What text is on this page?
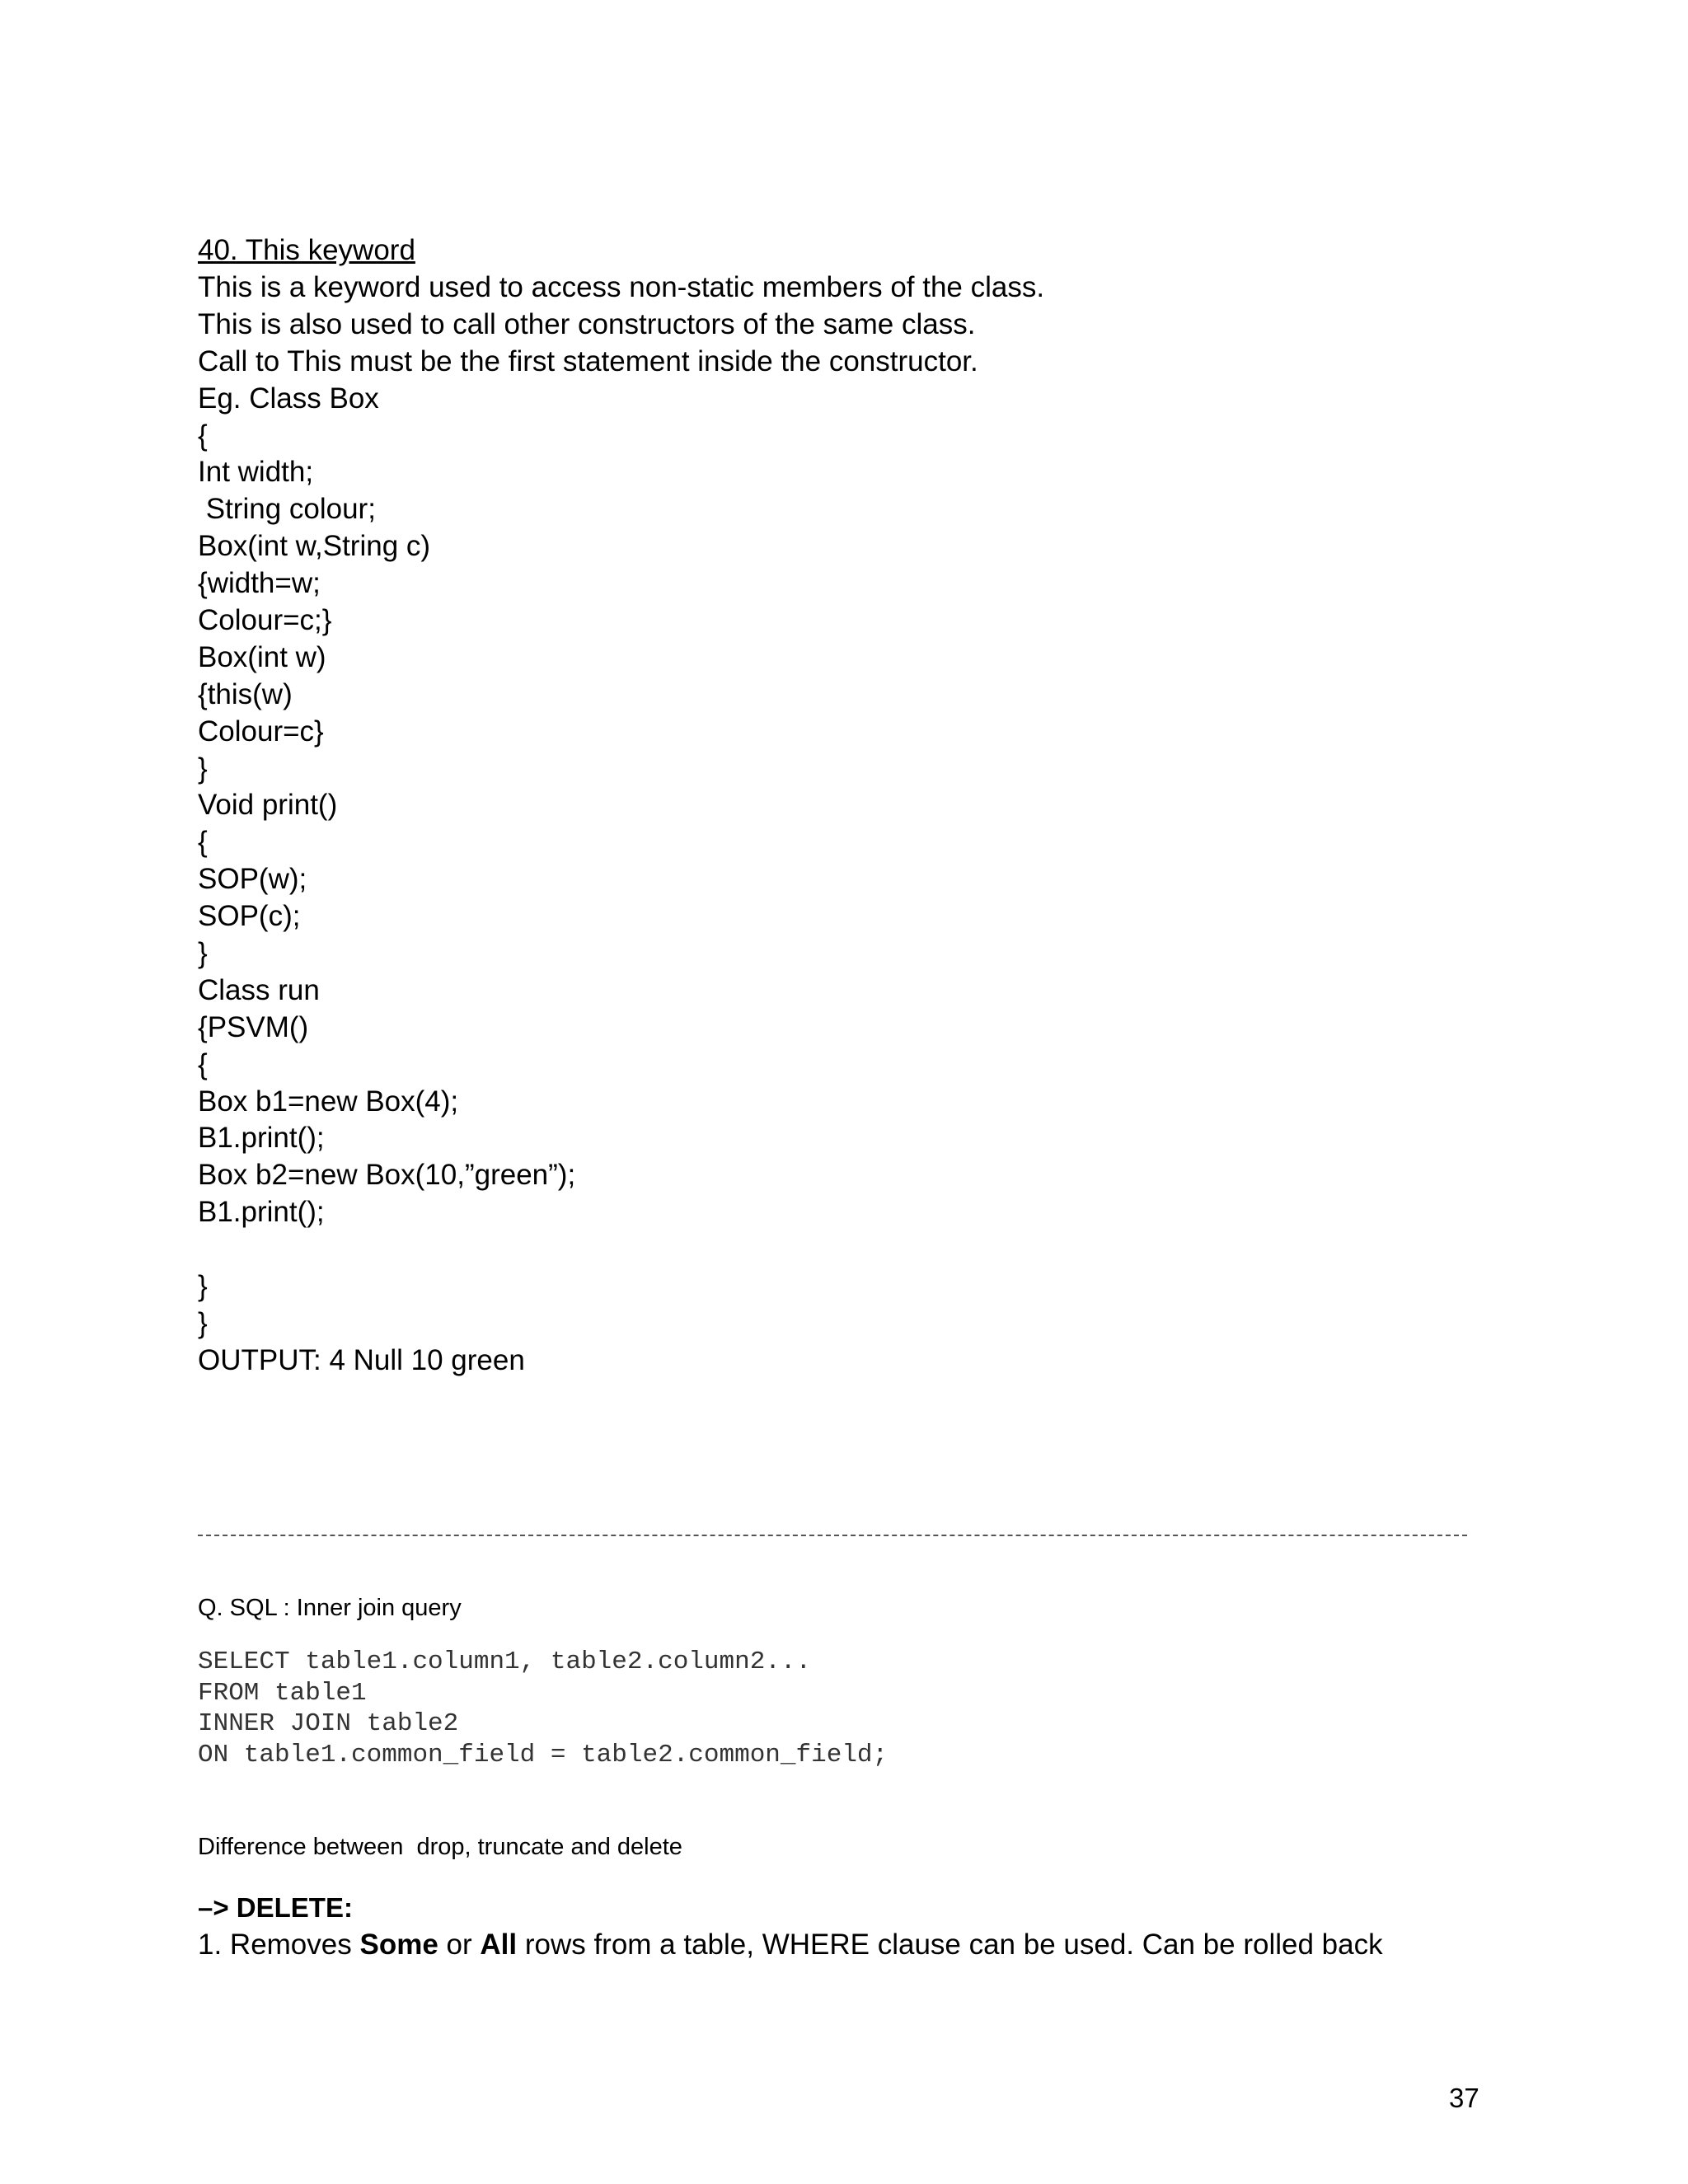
40. This keyword
This is a keyword used to access non-static members of the class.
This is also used to call other constructors of the same class.
Call to This must be the first statement inside the constructor.
Eg. Class Box
{
Int width;
String colour;
Box(int w,String c)
{width=w;
Colour=c;}
Box(int w)
{this(w)
Colour=c}
}
Void print()
{
SOP(w);
SOP(c);
}
Class run
{PSVM()
{
Box b1=new Box(4);
B1.print();
Box b2=new Box(10,”green”);
B1.print();
}
}
OUTPUT: 4 Null 10 green
Q. SQL : Inner join query
SELECT table1.column1, table2.column2...
FROM table1
INNER JOIN table2
ON table1.common_field = table2.common_field;
Difference between  drop, truncate and delete
–> DELETE:
1. Removes Some or All rows from a table, WHERE clause can be used. Can be rolled back
37
